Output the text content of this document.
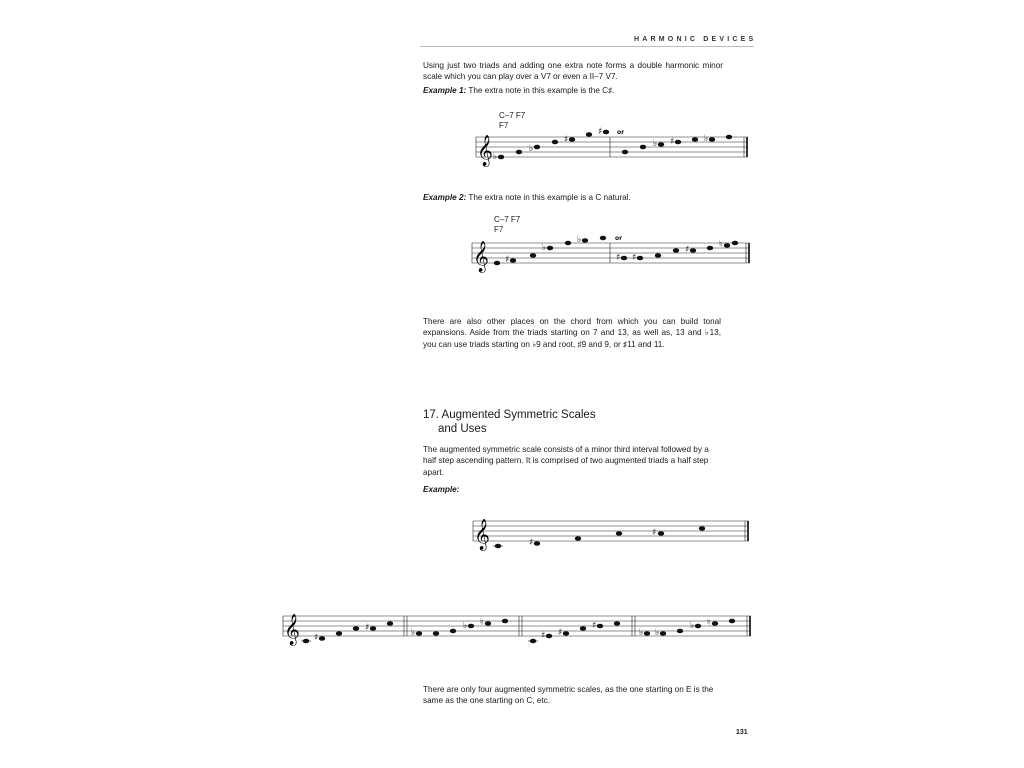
HARMONIC DEVICES
Using just two triads and adding one extra note forms a double harmonic minor scale which you can play over a V7 or even a II–7 V7.
Example 1: The extra note in this example is the C♯.
C–7 F7
F7
𝄞 ♭
♭
♯
♯
♭ ♯	♭
or
Example 2: The extra note in this example is a C natural.
C–7 F7
F7
𝄞 ♯
♭
♭
♯ ♯
♯	♮
or
There are also other places on the chord from which you can build tonal expansions. Aside from the triads starting on 7 and 13, as well as, 13 and ♭13, you can use triads starting on ♭9 and root, ♯9 and 9, or ♯11 and 11.
17. Augmented Symmetric Scales
and Uses
The augmented symmetric scale consists of a minor third interval followed by a half step ascending pattern. It is comprised of two augmented triads a half step apart.
Example:
𝄞	♯
♯
𝄞 ♯
♯	♭
♭ ♮
♯ ♯
♯
♭ ♭
♭ ♮
There are only four augmented symmetric scales, as the one starting on E is the same as the one starting on C, etc.
131
